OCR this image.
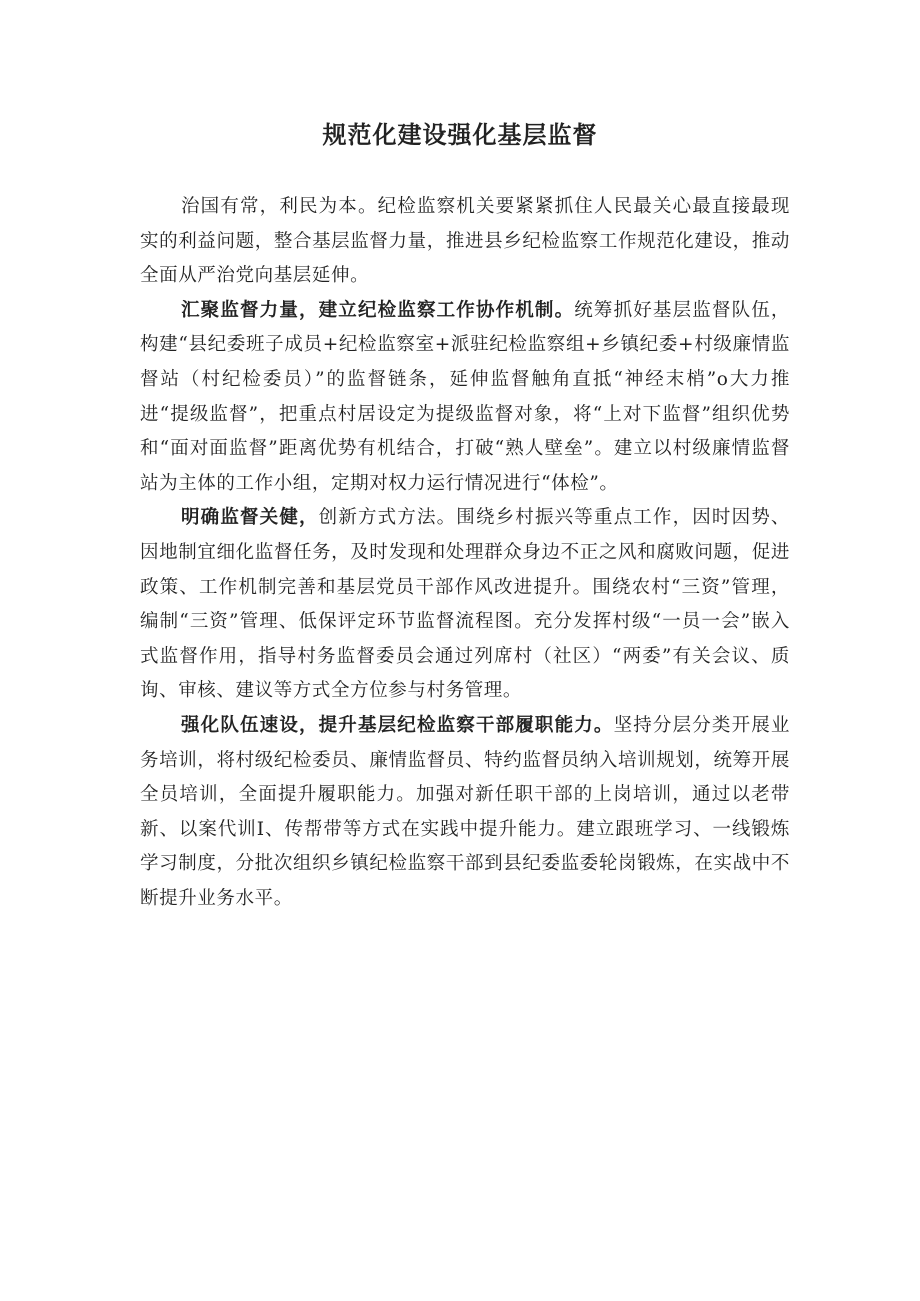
规范化建设强化基层监督

治国有常，利民为本。纪检监察机关要紧紧抓住人民最关心最直接最现实的利益问题，整合基层监督力量，推进县乡纪检监察工作规范化建设，推动全面从严治党向基层延伸。

汇聚监督力量，建立纪检监察工作协作机制。统筹抓好基层监督队伍，构建“县纪委班子成员+纪检监察室+派驻纪检监察组+乡镇纪委+村级廉情监督站（村纪检委员）”的监督链条，延伸监督触角直抵“神经末梢”o大力推进“提级监督”，把重点村居设定为提级监督对象，将“上对下监督”组织优势和“面对面监督”距离优势有机结合，打破“熟人壁垒”。建立以村级廉情监督站为主体的工作小组，定期对权力运行情况进行“体检”。

明确监督关健，创新方式方法。围绕乡村振兴等重点工作，因时因势、因地制宜细化监督任务，及时发现和处理群众身边不正之风和腐败问题，促进政策、工作机制完善和基层党员干部作风改进提升。围绕农村“三资”管理，编制“三资”管理、低保评定环节监督流程图。充分发挥村级“一员一会”嵌入式监督作用，指导村务监督委员会通过列席村（社区）“两委”有关会议、质询、审核、建议等方式全方位参与村务管理。

强化队伍速设，提升基层纪检监察干部履职能力。坚持分层分类开展业务培训，将村级纪检委员、廉情监督员、特约监督员纳入培训规划，统筹开展全员培训，全面提升履职能力。加强对新任职干部的上岗培训，通过以老带新、以案代训I、传帮带等方式在实践中提升能力。建立跟班学习、一线锻炼学习制度，分批次组织乡镇纪检监察干部到县纪委监委轮岗锻炼，在实战中不断提升业务水平。
